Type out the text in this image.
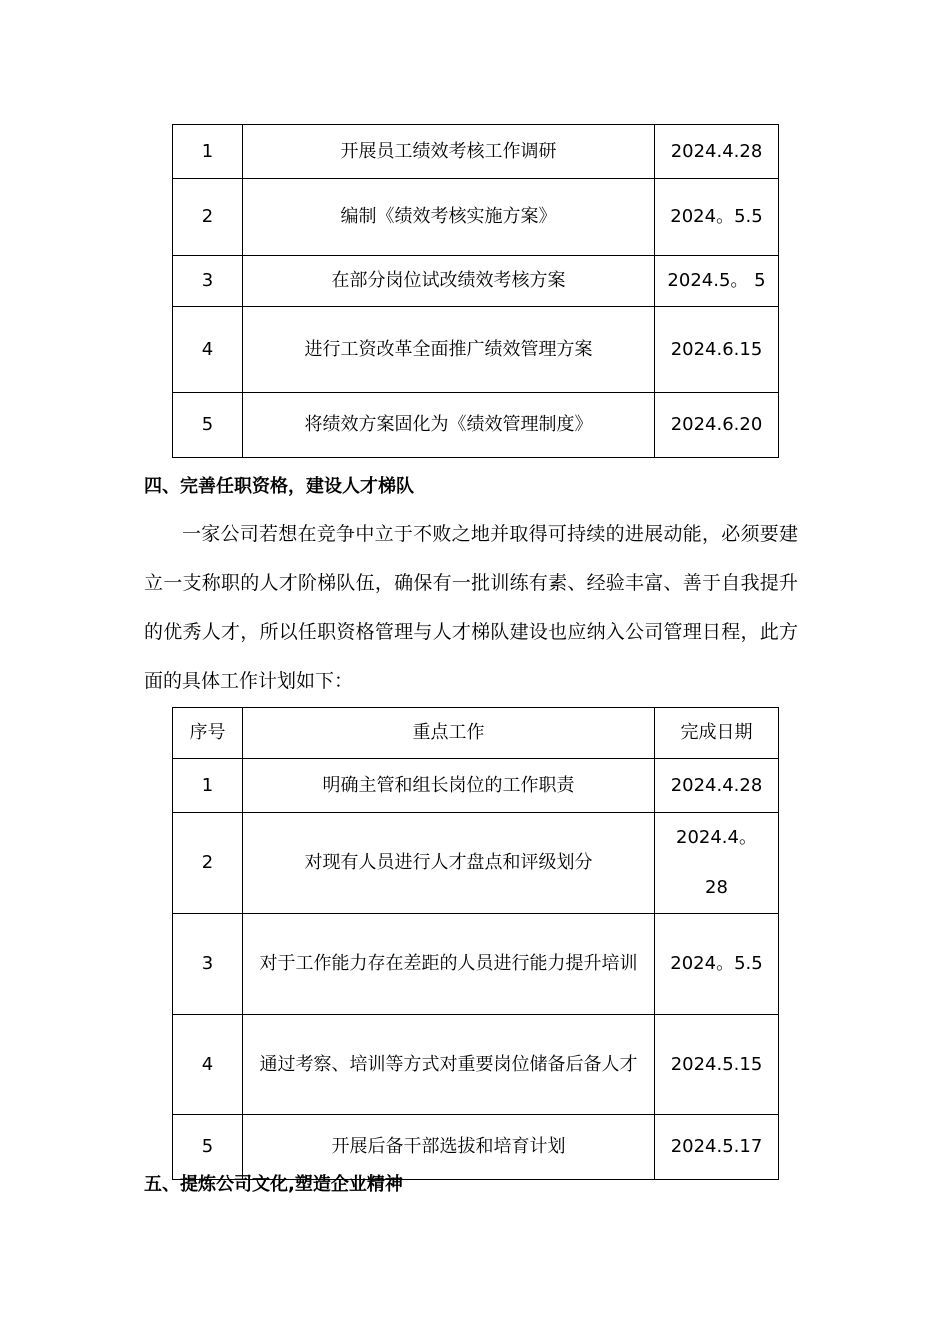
1	开展员工绩效考核工作调研	2024.4.28
2	编制《绩效考核实施方案》	2024。5.5
3	在部分岗位试改绩效考核方案	2024.5。 5
4	进行工资改革全面推广绩效管理方案	2024.6.15
5	将绩效方案固化为《绩效管理制度》	2024.6.20
四、完善任职资格，建设人才梯队

一家公司若想在竞争中立于不败之地并取得可持续的进展动能，必须要建立一支称职的人才阶梯队伍，确保有一批训练有素、经验丰富、善于自我提升的优秀人才，所以任职资格管理与人才梯队建设也应纳入公司管理日程，此方面的具体工作计划如下：

序号	重点工作	完成日期
1	明确主管和组长岗位的工作职责	2024.4.28
2	对现有人员进行人才盘点和评级划分	2024.4。28
3	对于工作能力存在差距的人员进行能力提升培训	2024。5.5
4	通过考察、培训等方式对重要岗位储备后备人才	2024.5.15
5	开展后备干部选拔和培育计划	2024.5.17
五、提炼公司文化,塑造企业精神
